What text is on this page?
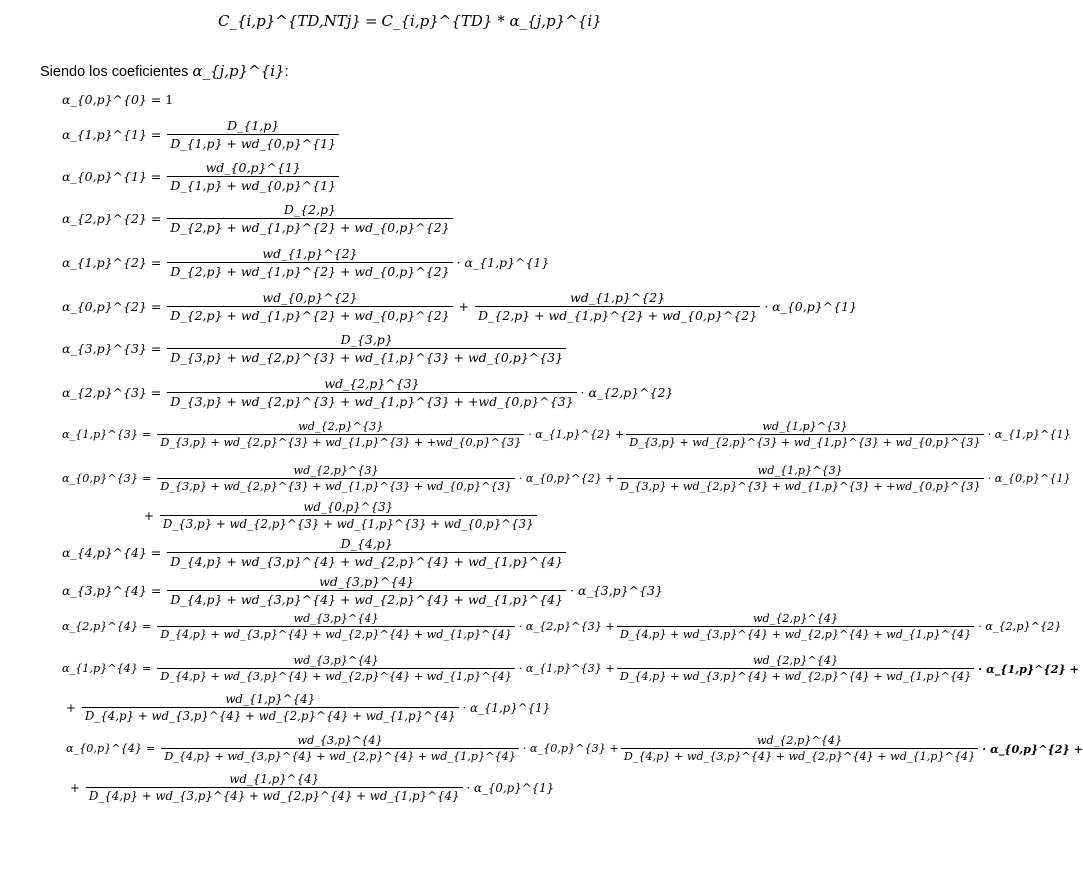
C_{i,p}^{TD,NTj} = C_{i,p}^{TD} * α_{j,p}^{i}
Siendo los coeficientes α_{j,p}^{i}:
α_{0,p}^{0} = 1
α_{1,p}^{1} = $\frac{D\_\{1,p\}}{D\_\{1,p\} + wd\_\{0,p\}\^{}\{1\}}$
α_{0,p}^{1} = $\frac{wd\_\{0,p\}\^{}\{1\}}{D\_\{1,p\} + wd\_\{0,p\}\^{}\{1\}}$
α_{2,p}^{2} = $\frac{D\_\{2,p\}}{D\_\{2,p\} + wd\_\{1,p\}\^{}\{2\} + wd\_\{0,p\}\^{}\{2\}}$
α_{1,p}^{2} = $\frac{wd\_\{1,p\}\^{}\{2\}}{D\_\{2,p\} + wd\_\{1,p\}\^{}\{2\} + wd\_\{0,p\}\^{}\{2\}}$ · α_{1,p}^{1}
α_{0,p}^{2} = $\frac{wd\_\{0,p\}\^{}\{2\}}{D\_\{2,p\} + wd\_\{1,p\}\^{}\{2\} + wd\_\{0,p\}\^{}\{2\}} + \frac{wd\_\{1,p\}\^{}\{2\}}{D\_\{2,p\} + wd\_\{1,p\}\^{}\{2\} + wd\_\{0,p\}\^{}\{2\}}$ · α_{0,p}^{1}
α_{3,p}^{3} = $\frac{D\_\{3,p\}}{D\_\{3,p\} + wd\_\{2,p\}\^{}\{3\} + wd\_\{1,p\}\^{}\{3\} + wd\_\{0,p\}\^{}\{3\}}$
α_{2,p}^{3} = $\frac{wd\_\{2,p\}\^{}\{3\}}{D\_\{3,p\} + wd\_\{2,p\}\^{}\{3\} + wd\_\{1,p\}\^{}\{3\} + +wd\_\{0,p\}\^{}\{3\}}$ · α_{2,p}^{2}
α_{1,p}^{3} = $\frac{wd\_\{2,p\}\^{}\{3\}}{D\_\{3,p\} + wd\_\{2,p\}\^{}\{3\} + wd\_\{1,p\}\^{}\{3\} + +wd\_\{0,p\}\^{}\{3\}}$ · α_{1,p}^{2} + $\frac{wd\_\{1,p\}\^{}\{3\}}{D\_\{3,p\} + wd\_\{2,p\}\^{}\{3\} + wd\_\{1,p\}\^{}\{3\} + wd\_\{0,p\}\^{}\{3\}}$ · α_{1,p}^{1}
α_{0,p}^{3} = $\frac{wd\_\{2,p\}\^{}\{3\}}{D\_\{3,p\} + wd\_\{2,p\}\^{}\{3\} + wd\_\{1,p\}\^{}\{3\} + wd\_\{0,p\}\^{}\{3\}}$ · α_{0,p}^{2} + $\frac{wd\_\{1,p\}\^{}\{3\}}{D\_\{3,p\} + wd\_\{2,p\}\^{}\{3\} + wd\_\{1,p\}\^{}\{3\} + +wd\_\{0,p\}\^{}\{3\}}$ · α_{0,p}^{1}
+ $\frac{wd\_\{0,p\}\^{}\{3\}}{D\_\{3,p\} + wd\_\{2,p\}\^{}\{3\} + wd\_\{1,p\}\^{}\{3\} + wd\_\{0,p\}\^{}\{3\}}$
α_{4,p}^{4} = $\frac{D\_\{4,p\}}{D\_\{4,p\} + wd\_\{3,p\}\^{}\{4\} + wd\_\{2,p\}\^{}\{4\} + wd\_\{1,p\}\^{}\{4\}}$
α_{3,p}^{4} = $\frac{wd\_\{3,p\}\^{}\{4\}}{D\_\{4,p\} + wd\_\{3,p\}\^{}\{4\} + wd\_\{2,p\}\^{}\{4\} + wd\_\{1,p\}\^{}\{4\}}$ · α_{3,p}^{3}
α_{2,p}^{4} = $\frac{wd\_\{3,p\}\^{}\{4\}}{D\_\{4,p\} + wd\_\{3,p\}\^{}\{4\} + wd\_\{2,p\}\^{}\{4\} + wd\_\{1,p\}\^{}\{4\}}$ · α_{2,p}^{3} + $\frac{wd\_\{2,p\}\^{}\{4\}}{D\_\{4,p\} + wd\_\{3,p\}\^{}\{4\} + wd\_\{2,p\}\^{}\{4\} + wd\_\{1,p\}\^{}\{4\}}$ · α_{2,p}^{2}
α_{1,p}^{4} = $\frac{wd\_\{3,p\}\^{}\{4\}}{D\_\{4,p\} + wd\_\{3,p\}\^{}\{4\} + wd\_\{2,p\}\^{}\{4\} + wd\_\{1,p\}\^{}\{4\}}$ · α_{1,p}^{3} + $\frac{wd\_\{2,p\}\^{}\{4\}}{D\_\{4,p\} + wd\_\{3,p\}\^{}\{4\} + wd\_\{2,p\}\^{}\{4\} + wd\_\{1,p\}\^{}\{4\}}$ · α_{1,p}^{2} +
+ $\frac{wd\_\{1,p\}\^{}\{4\}}{D\_\{4,p\} + wd\_\{3,p\}\^{}\{4\} + wd\_\{2,p\}\^{}\{4\} + wd\_\{1,p\}\^{}\{4\}}$ · α_{1,p}^{1}
α_{0,p}^{4} = $\frac{wd\_\{3,p\}\^{}\{4\}}{D\_\{4,p\} + wd\_\{3,p\}\^{}\{4\} + wd\_\{2,p\}\^{}\{4\} + wd\_\{1,p\}\^{}\{4\}}$ · α_{0,p}^{3} + $\frac{wd\_\{2,p\}\^{}\{4\}}{D\_\{4,p\} + wd\_\{3,p\}\^{}\{4\} + wd\_\{2,p\}\^{}\{4\} + wd\_\{1,p\}\^{}\{4\}}$ · α_{0,p}^{2} +
+ $\frac{wd\_\{1,p\}\^{}\{4\}}{D\_\{4,p\} + wd\_\{3,p\}\^{}\{4\} + wd\_\{2,p\}\^{}\{4\} + wd\_\{1,p\}\^{}\{4\}}$ · α_{0,p}^{1}
